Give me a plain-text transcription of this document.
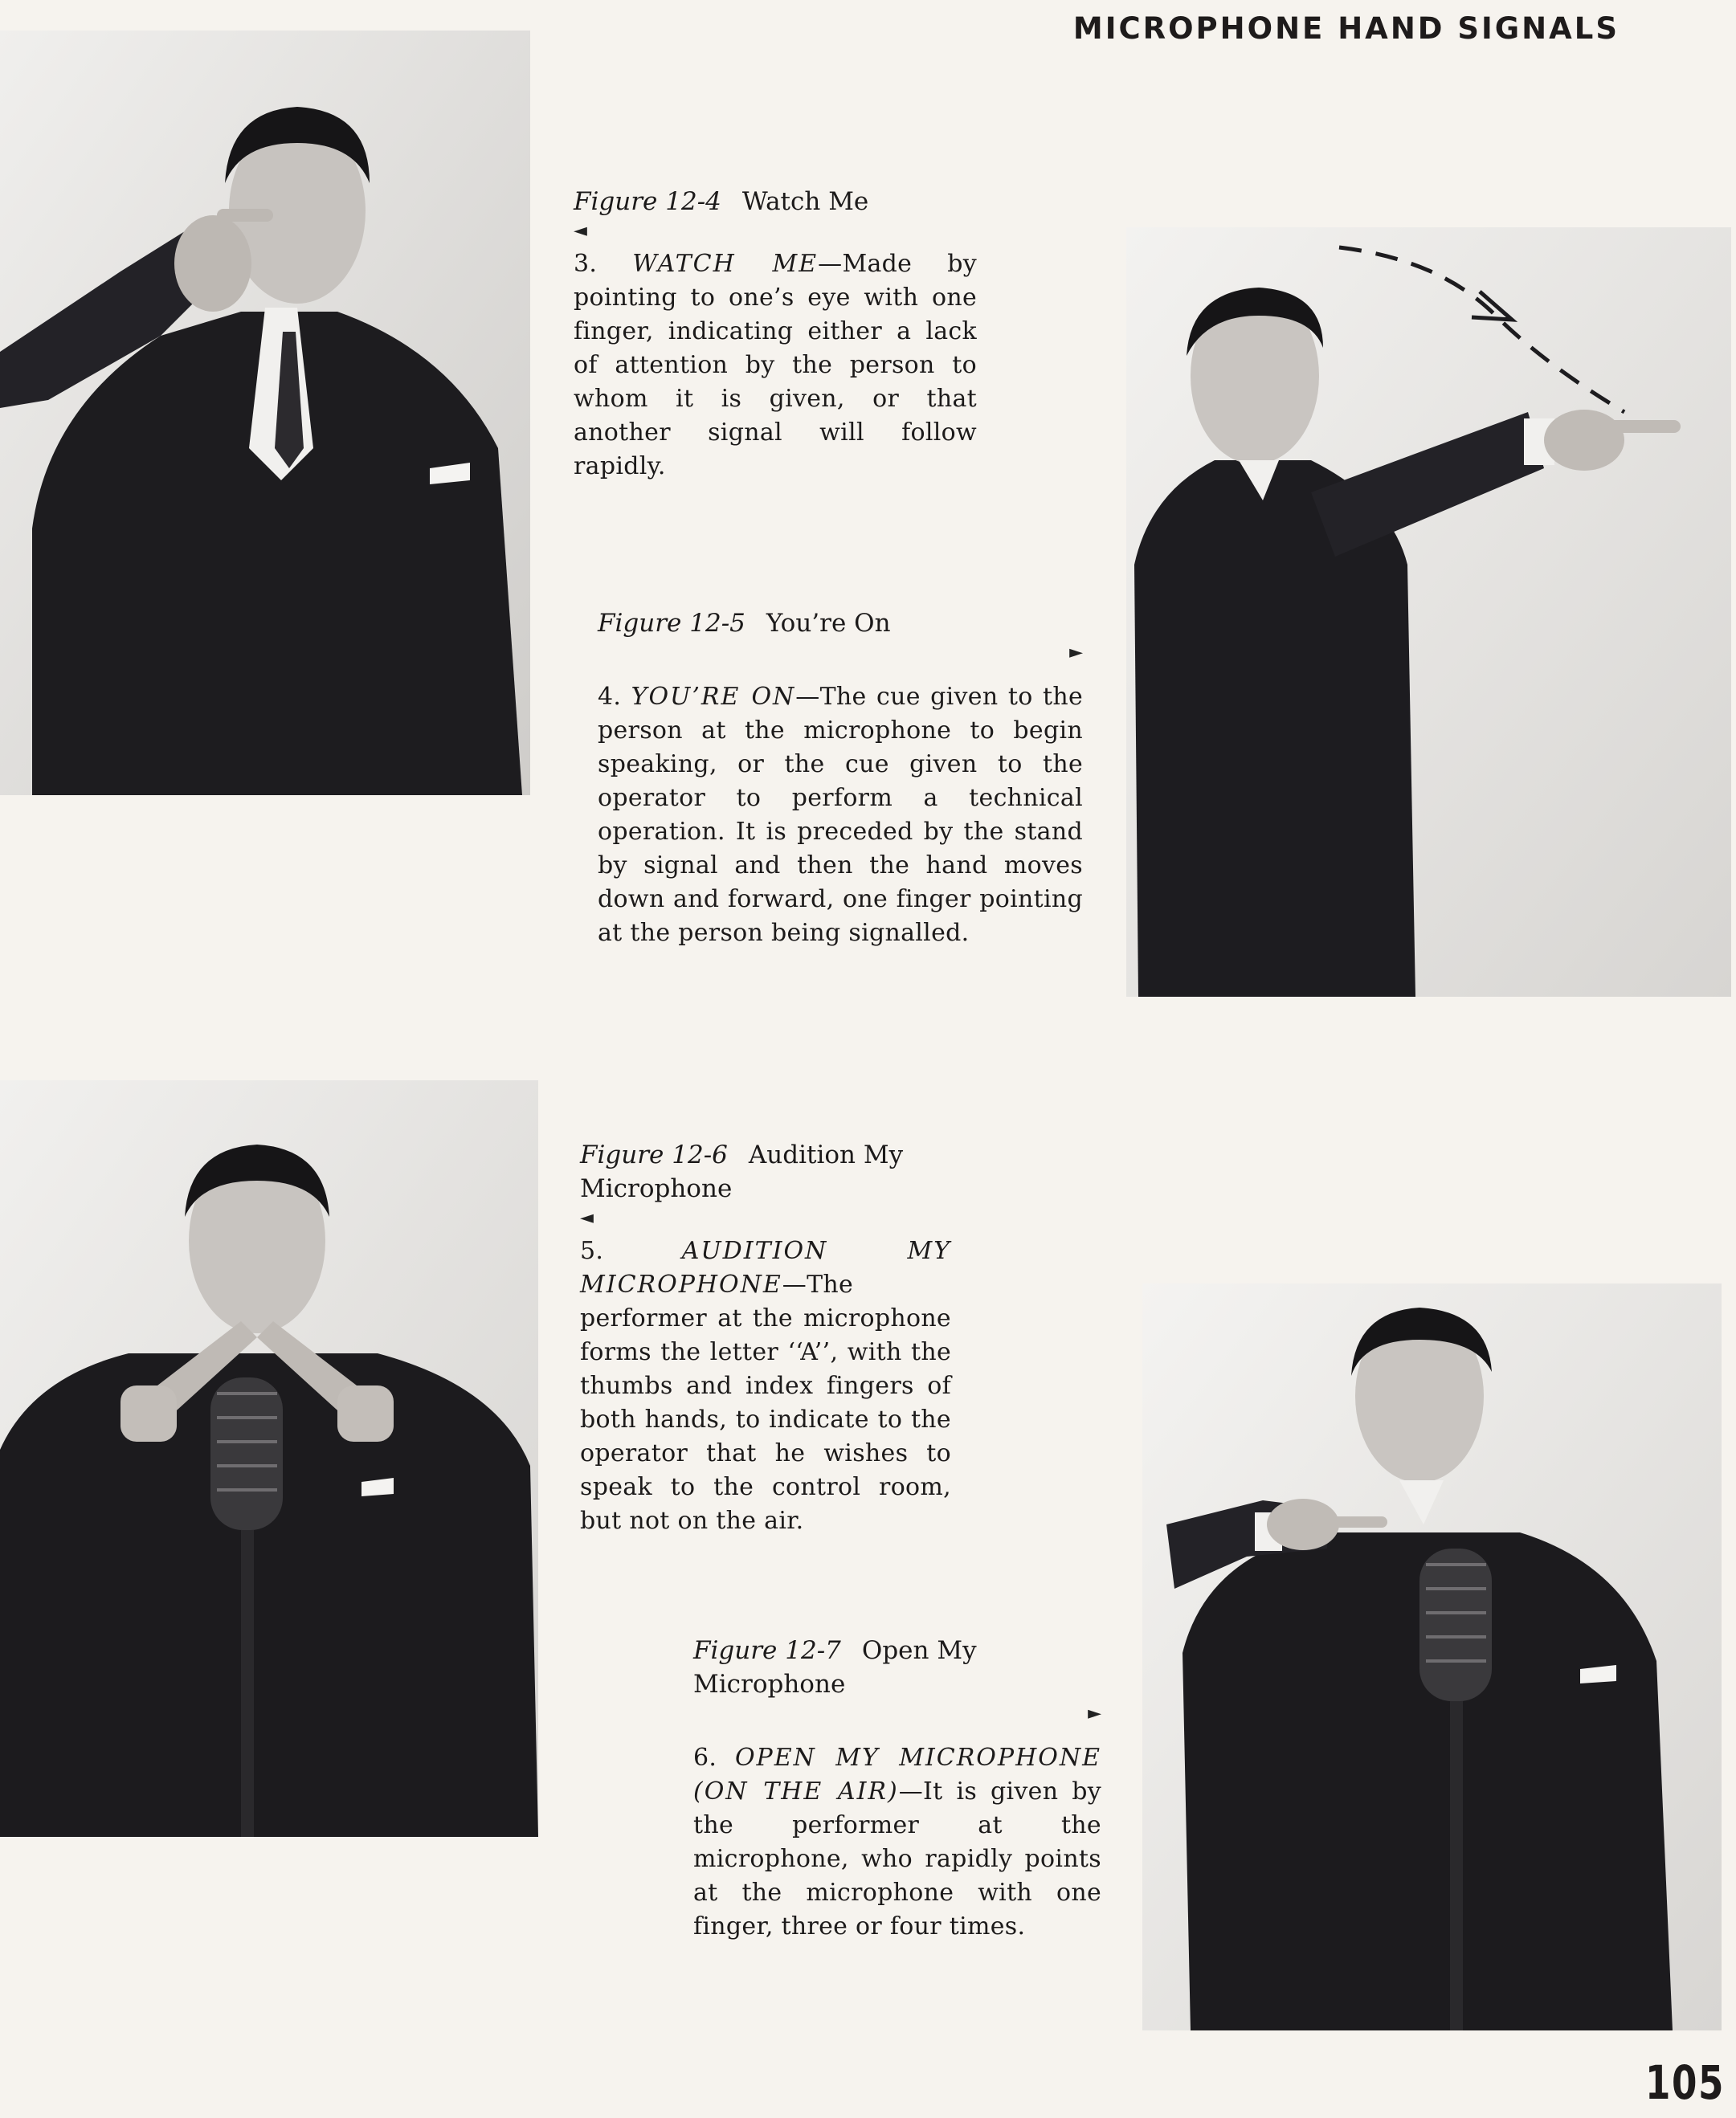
MICROPHONE HAND SIGNALS
Figure 12-4 Watch Me
◄
3. WATCH ME—Made by pointing to one’s eye with one finger, indicating either a lack of attention by the person to whom it is given, or that another signal will follow rapidly.
Figure 12-5 You’re On
►
4. YOU’RE ON—The cue given to the person at the microphone to begin speaking, or the cue given to the operator to perform a technical operation. It is preceded by the stand by signal and then the hand moves down and forward, one finger pointing at the person being signalled.
Figure 12-6 Audition My Microphone
◄
5.	AUDITION MY MICROPHONE—The performer at the microphone forms the letter ‘‘A’’, with the thumbs and index fingers of both hands, to indicate to the operator that he wishes to speak to the control room, but not on the air.
Figure 12-7 Open My Microphone
►
6. OPEN MY MICROPHONE (ON THE AIR)—It is given by the performer at the microphone, who rapidly points at the microphone with one finger, three or four times.
105
